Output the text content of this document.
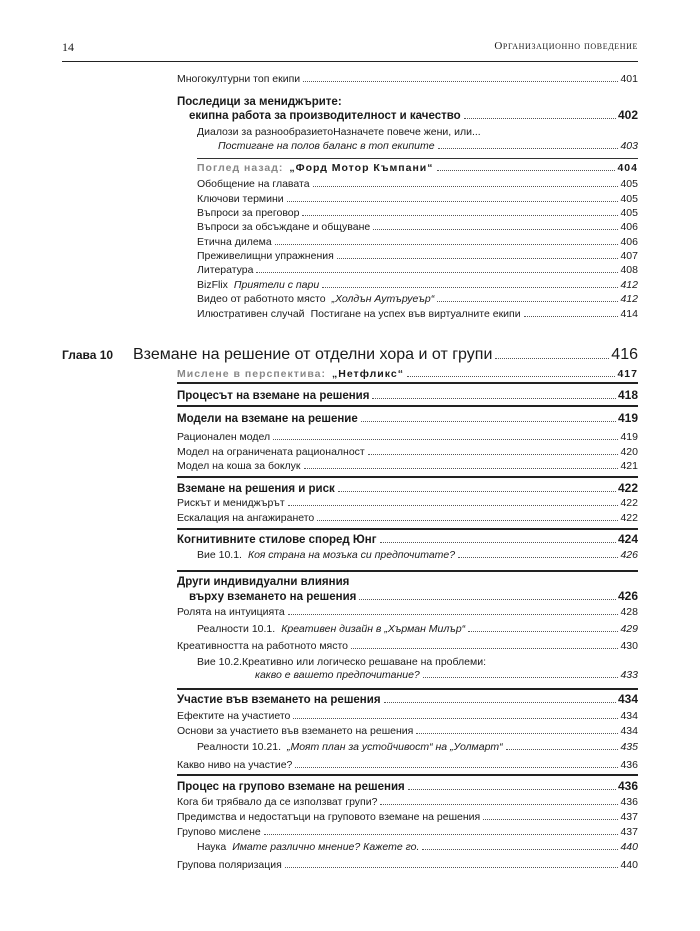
14	Организационно поведение
Многокултурни топ екипи	401
Последици за мениджърите:
екипна работа за производителност и качество	402
Диалози за разнообразиетоНазначете повече жени, или...
Постигане на полов баланс в топ екипите	403
Поглед назад: „Форд Мотор Къмпани“	404
Обобщение на главата	405
Ключови термини	405
Въпроси за преговор	405
Въпроси за обсъждане и общуване	406
Етична дилема	406
Преживелищни упражнения	407
Литература	408
BizFlix Приятели с пари	412
Видео от работното място „Холдън Аутъруеър“	412
Илюстративен случай Постигане на успех във виртуалните екипи	414
Глава 10 Вземане на решение от отделни хора и от групи	416
Мислене в перспектива: „Нетфликс“	417
Процесът на вземане на решения	418
Модели на вземане на решение	419
Рационален модел	419
Модел на ограничената рационалност	420
Модел на коша за боклук	421
Вземане на решения и риск	422
Рискът и мениджърът	422
Ескалация на ангажирането	422
Когнитивните стилове според Юнг	424
Вие 10.1. Коя страна на мозъка си предпочитате?	426
Други индивидуални влияния
върху вземането на решения	426
Ролята на интуицията	428
Реалности 10.1. Креативен дизайн в „Хърман Милър“	429
Креативността на работното място	430
Вие 10.2.Креативно или логическо решаване на проблеми:
какво е вашето предпочитание?	433
Участие във вземането на решения	434
Ефектите на участието	434
Основи за участието във вземането на решения	434
Реалности 10.21. „Моят план за устойчивост“ на „Уолмарт“	435
Какво ниво на участие?	436
Процес на групово вземане на решения	436
Кога би трябвало да се използват групи?	436
Предимства и недостатъци на груповото вземане на решения	437
Групово мислене	437
Наука Имате различно мнение? Кажете го.	440
Групова поляризация	440
